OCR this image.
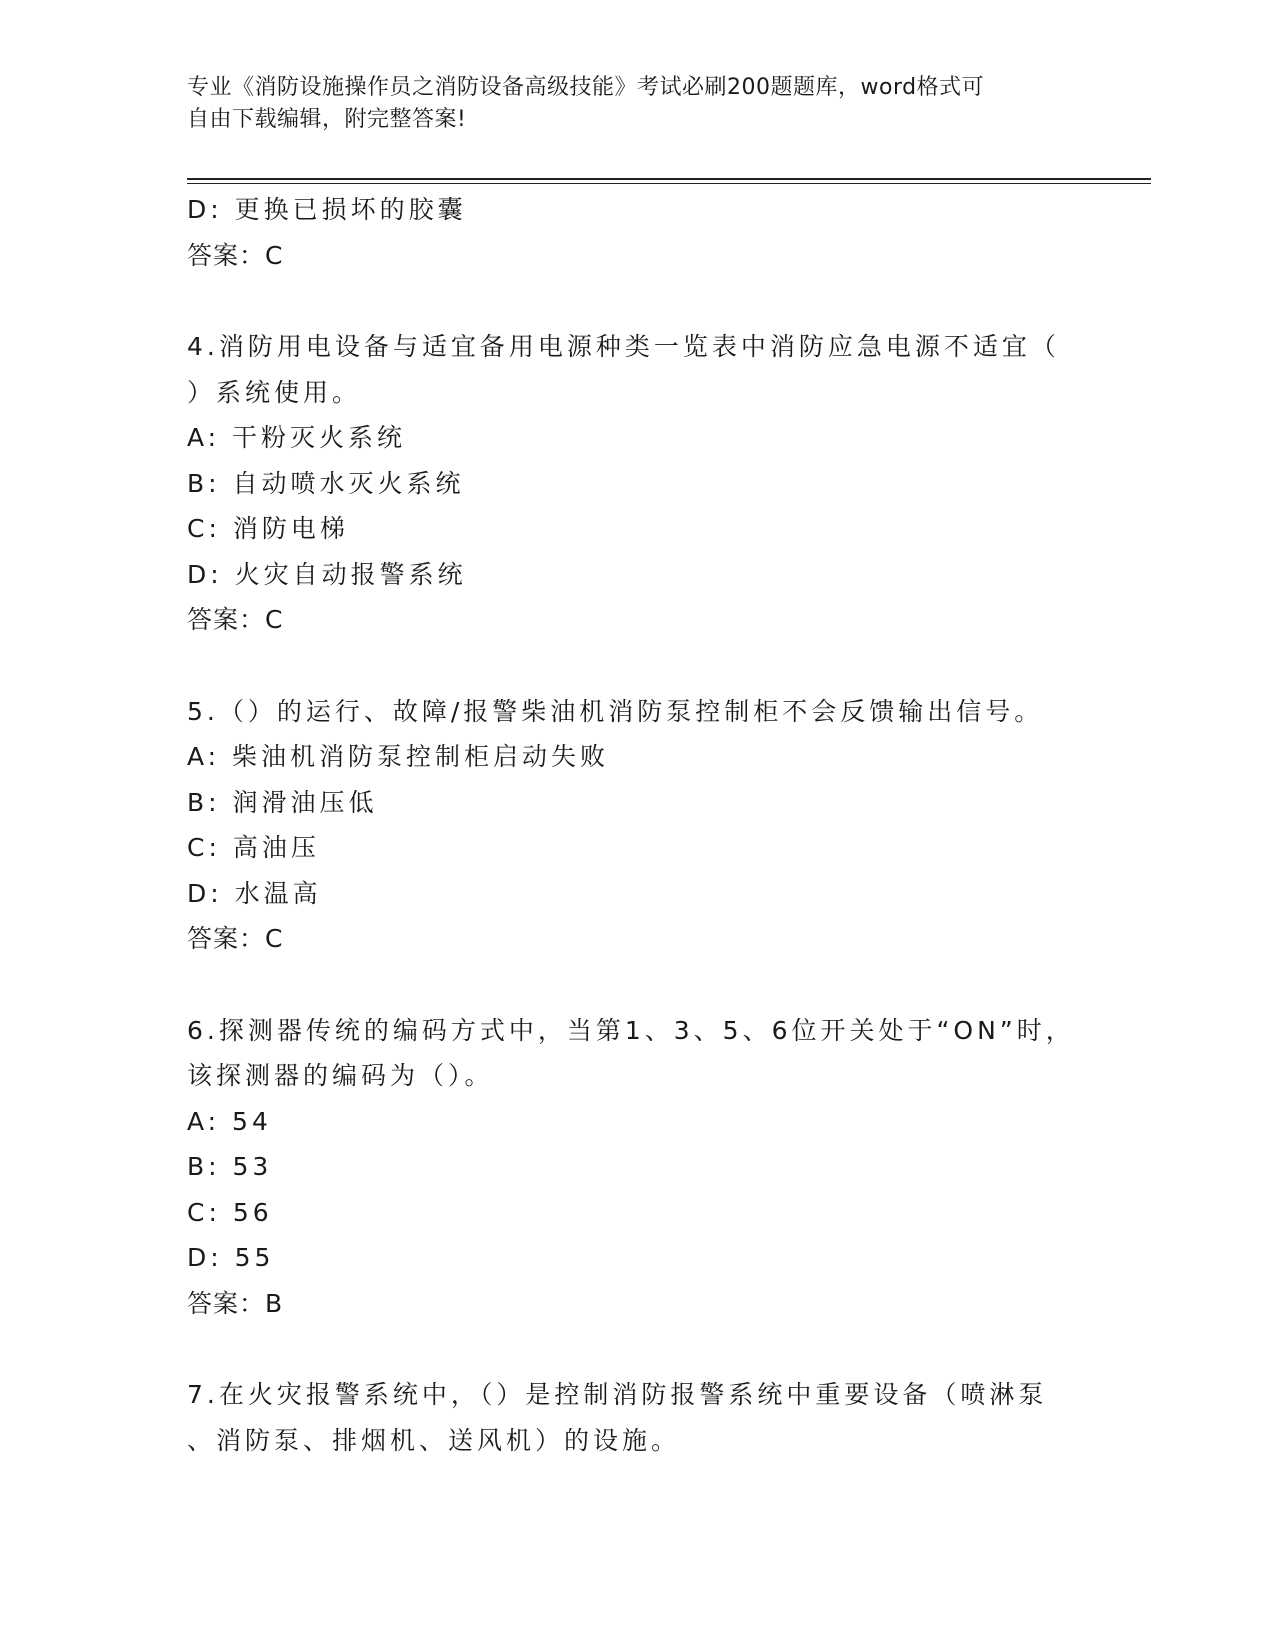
专业《消防设施操作员之消防设备高级技能》考试必刷200题题库，word格式可
自由下载编辑，附完整答案!
D: 更换已损坏的胶囊
答案：C
4.消防用电设备与适宜备用电源种类一览表中消防应急电源不适宜（
）系统使用。
A: 干粉灭火系统
B: 自动喷水灭火系统
C: 消防电梯
D: 火灾自动报警系统
答案：C
5.（）的运行、故障/报警柴油机消防泵控制柜不会反馈输出信号。
A: 柴油机消防泵控制柜启动失败
B: 润滑油压低
C: 高油压
D: 水温高
答案：C
6.探测器传统的编码方式中，当第1、3、5、6位开关处于“ON”时，
该探测器的编码为（）。
A: 54
B: 53
C: 56
D: 55
答案：B
7.在火灾报警系统中，（）是控制消防报警系统中重要设备（喷淋泵
、消防泵、排烟机、送风机）的设施。
